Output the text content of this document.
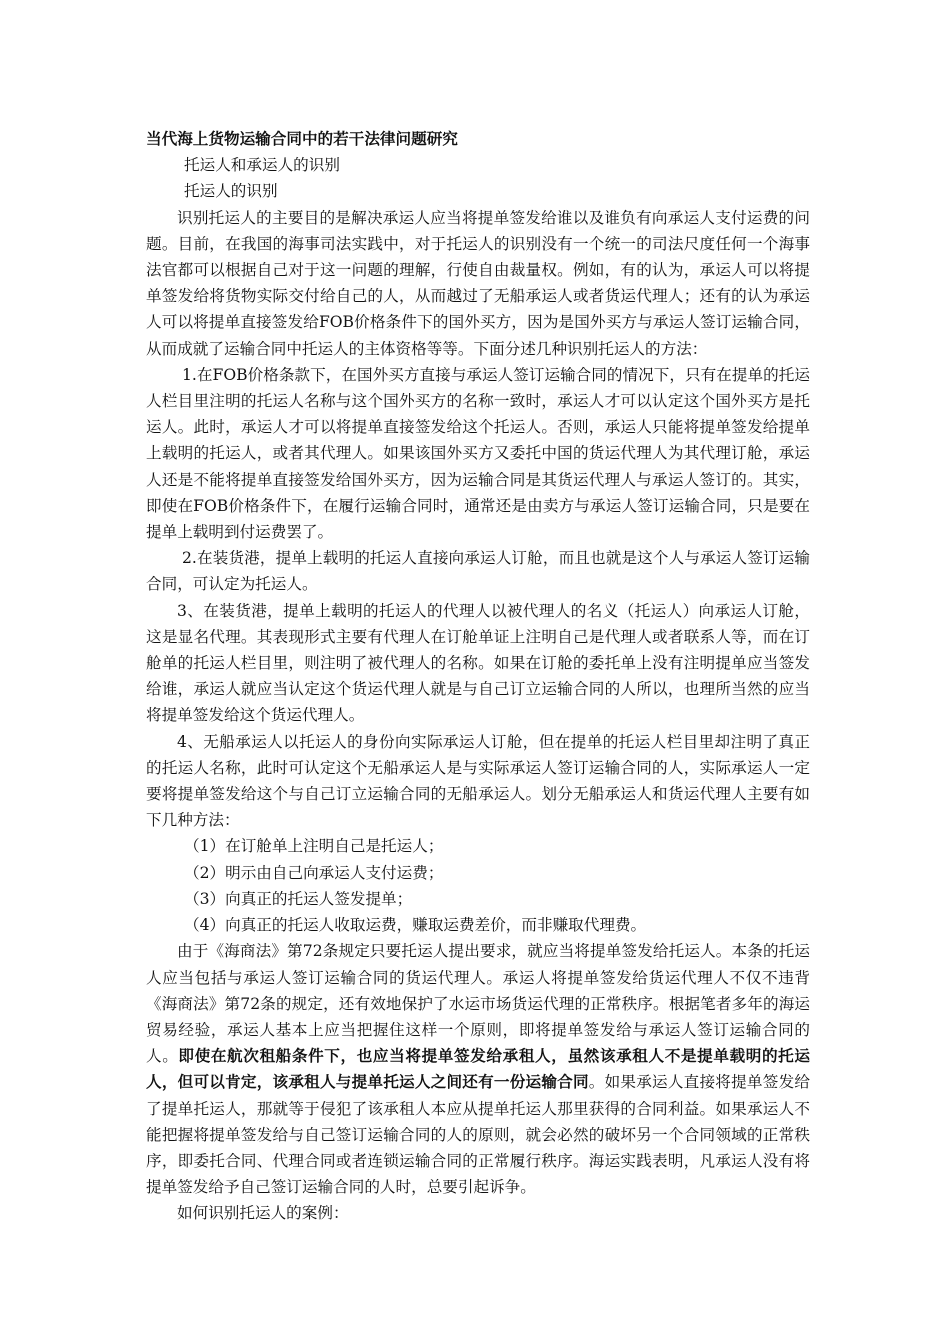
当代海上货物运输合同中的若干法律问题研究

托运人和承运人的识别

托运人的识别

识别托运人的主要目的是解决承运人应当将提单签发给谁以及谁负有向承运人支付运费的问题。目前，在我国的海事司法实践中，对于托运人的识别没有一个统一的司法尺度任何一个海事法官都可以根据自己对于这一问题的理解，行使自由裁量权。例如，有的认为，承运人可以将提单签发给将货物实际交付给自己的人，从而越过了无船承运人或者货运代理人；还有的认为承运人可以将提单直接签发给FOB价格条件下的国外买方，因为是国外买方与承运人签订运输合同，从而成就了运输合同中托运人的主体资格等等。下面分述几种识别托运人的方法：

1.在FOB价格条款下，在国外买方直接与承运人签订运输合同的情况下，只有在提单的托运人栏目里注明的托运人名称与这个国外买方的名称一致时，承运人才可以认定这个国外买方是托运人。此时，承运人才可以将提单直接签发给这个托运人。否则，承运人只能将提单签发给提单上载明的托运人，或者其代理人。如果该国外买方又委托中国的货运代理人为其代理订舱，承运人还是不能将提单直接签发给国外买方，因为运输合同是其货运代理人与承运人签订的。其实，即使在FOB价格条件下，在履行运输合同时，通常还是由卖方与承运人签订运输合同，只是要在提单上载明到付运费罢了。

2.在装货港，提单上载明的托运人直接向承运人订舱，而且也就是这个人与承运人签订运输合同，可认定为托运人。

3、在装货港，提单上载明的托运人的代理人以被代理人的名义（托运人）向承运人订舱，这是显名代理。其表现形式主要有代理人在订舱单证上注明自己是代理人或者联系人等，而在订舱单的托运人栏目里，则注明了被代理人的名称。如果在订舱的委托单上没有注明提单应当签发给谁，承运人就应当认定这个货运代理人就是与自己订立运输合同的人所以，也理所当然的应当将提单签发给这个货运代理人。

4、无船承运人以托运人的身份向实际承运人订舱，但在提单的托运人栏目里却注明了真正的托运人名称，此时可认定这个无船承运人是与实际承运人签订运输合同的人，实际承运人一定要将提单签发给这个与自己订立运输合同的无船承运人。划分无船承运人和货运代理人主要有如下几种方法：

（1）在订舱单上注明自己是托运人；

（2）明示由自己向承运人支付运费；

（3）向真正的托运人签发提单；

（4）向真正的托运人收取运费，赚取运费差价，而非赚取代理费。

由于《海商法》第72条规定只要托运人提出要求，就应当将提单签发给托运人。本条的托运人应当包括与承运人签订运输合同的货运代理人。承运人将提单签发给货运代理人不仅不违背《海商法》第72条的规定，还有效地保护了水运市场货运代理的正常秩序。根据笔者多年的海运贸易经验，承运人基本上应当把握住这样一个原则，即将提单签发给与承运人签订运输合同的人。即使在航次租船条件下，也应当将提单签发给承租人，虽然该承租人不是提单载明的托运人，但可以肯定，该承租人与提单托运人之间还有一份运输合同。如果承运人直接将提单签发给了提单托运人，那就等于侵犯了该承租人本应从提单托运人那里获得的合同利益。如果承运人不能把握将提单签发给与自己签订运输合同的人的原则，就会必然的破坏另一个合同领域的正常秩序，即委托合同、代理合同或者连锁运输合同的正常履行秩序。海运实践表明，凡承运人没有将提单签发给予自己签订运输合同的人时，总要引起诉争。

如何识别托运人的案例：
